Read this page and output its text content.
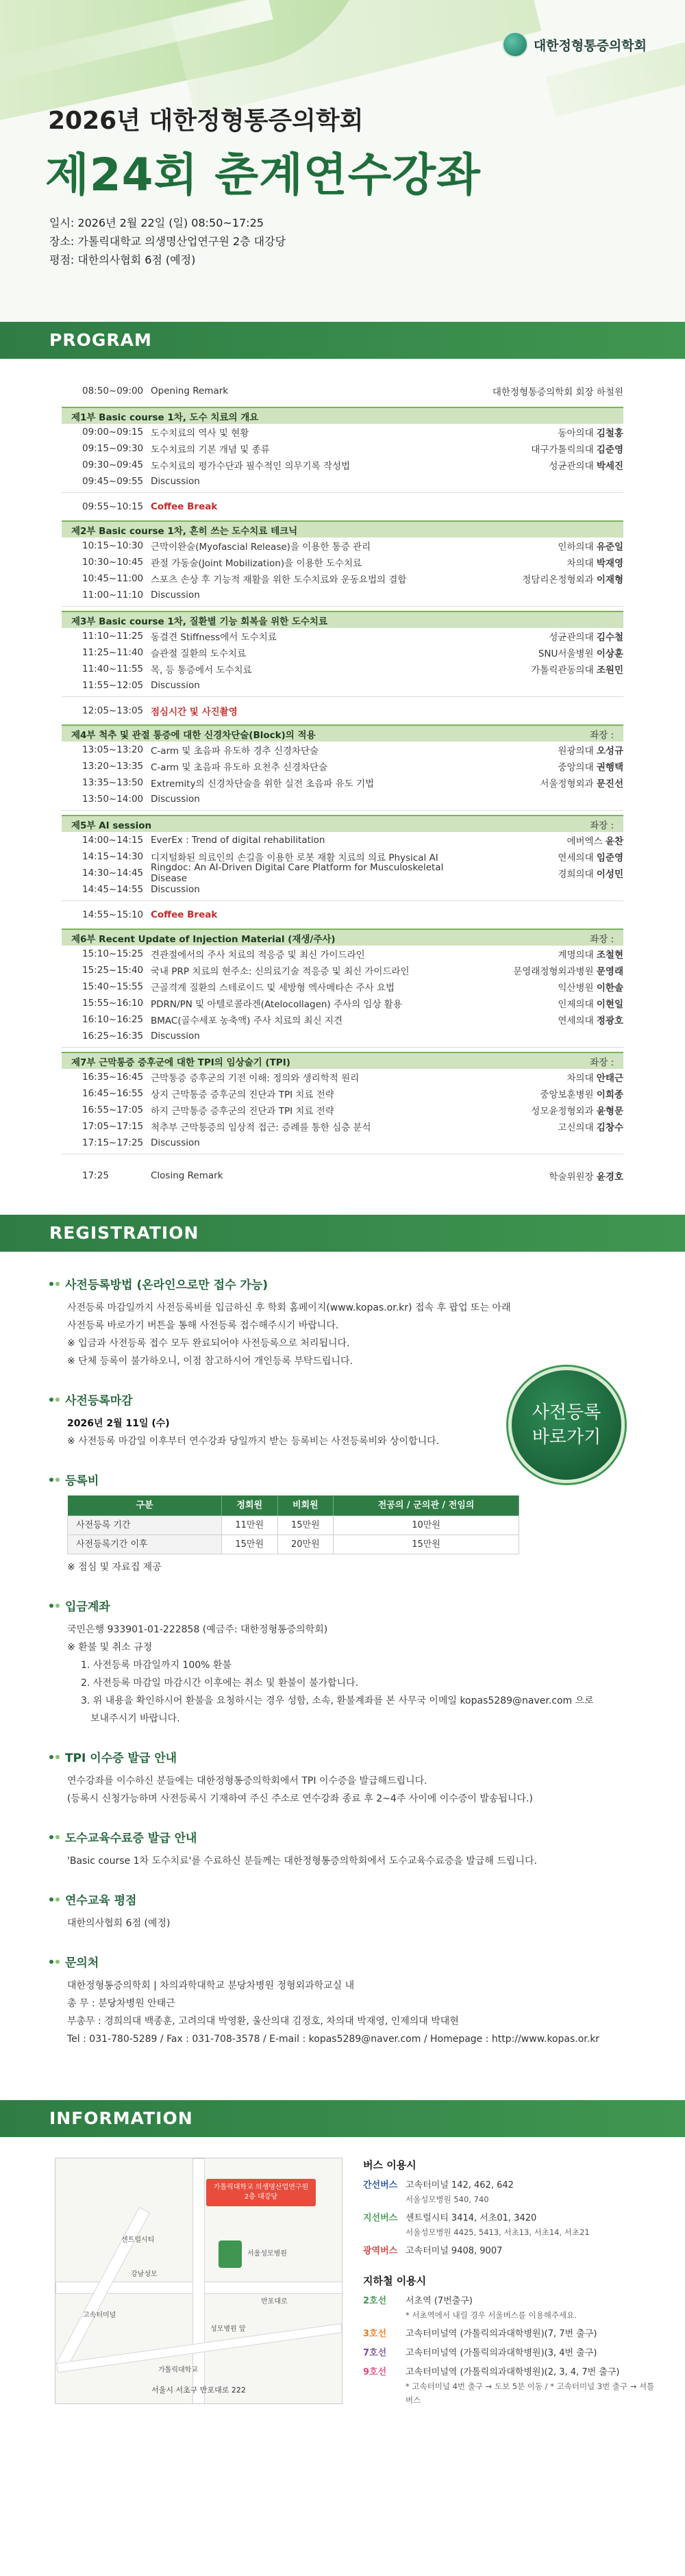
대한정형통증의학회
2026년 대한정형통증의학회
제24회 춘계연수강좌
일시: 2026년 2월 22일 (일) 08:50~17:25
장소: 가톨릭대학교 의생명산업연구원 2층 대강당
평점: 대한의사협회 6점 (예정)
PROGRAM
08:50~09:00 Opening Remark	대한정형통증의학회 회장 하철원
제1부 Basic course 1차, 도수 치료의 개요
09:00~09:15 도수치료의 역사 및 현황	동아의대 김철홍
09:15~09:30 도수치료의 기본 개념 및 종류	대구가톨릭의대 김준영
09:30~09:45 도수치료의 평가수단과 필수적인 의무기록 작성법	성균관의대 박세진
09:45~09:55 Discussion
09:55~10:15 Coffee Break
제2부 Basic course 1차, 흔히 쓰는 도수치료 테크닉
10:15~10:30 근막이완술(Myofascial Release)을 이용한 통증 관리	인하의대 유준일
10:30~10:45 관절 가동술(Joint Mobilization)을 이용한 도수치료	차의대 박재영
10:45~11:00 스포츠 손상 후 기능적 재활을 위한 도수치료와 운동요법의 결합	정담리온정형외과 이재형
11:00~11:10 Discussion
제3부 Basic course 1차, 질환별 기능 회복을 위한 도수치료
11:10~11:25 동결견 Stiffness에서 도수치료	성균관의대 김수철
11:25~11:40 슬관절 질환의 도수치료	SNU서울병원 이상훈
11:40~11:55 목, 등 통증에서 도수치료	가톨릭관동의대 조원민
11:55~12:05 Discussion
12:05~13:05 점심시간 및 사진촬영
제4부 척추 및 관절 통증에 대한 신경차단술(Block)의 적용	좌장 :
13:05~13:20 C-arm 및 초음파 유도하 경추 신경차단술	원광의대 오성규
13:20~13:35 C-arm 및 초음파 유도하 요천추 신경차단술	중앙의대 권행택
13:35~13:50 Extremity의 신경차단술을 위한 실전 초음파 유도 기법	서울정형외과 문진선
13:50~14:00 Discussion
제5부 AI session	좌장 :
14:00~14:15 EverEx : Trend of digital rehabilitation	에버엑스 윤찬
14:15~14:30 디지털화된 의료인의 손길을 이용한 로봇 재활 치료의 의료 Physical AI	연세의대 임준영
14:30~14:45 Ringdoc: An AI-Driven Digital Care Platform for Musculoskeletal Disease	경희의대 이성민
14:45~14:55 Discussion
14:55~15:10 Coffee Break
제6부 Recent Update of Injection Material (재생/주사)	좌장 :
15:10~15:25 견관절에서의 주사 치료의 적응증 및 최신 가이드라인	계명의대 조철현
15:25~15:40 국내 PRP 치료의 현주소: 신의료기술 적응증 및 최신 가이드라인	문영래정형외과병원 문영래
15:40~15:55 근골격계 질환의 스테로이드 및 세방형 엑사메타손 주사 요법	익산병원 이한솔
15:55~16:10 PDRN/PN 및 아텔로콜라겐(Atelocollagen) 주사의 임상 활용	인제의대 이현일
16:10~16:25 BMAC(골수세포 농축액) 주사 치료의 최신 지견	연세의대 정광호
16:25~16:35 Discussion
제7부 근막통증 증후군에 대한 TPI의 임상술기 (TPI)	좌장 :
16:35~16:45 근막통증 증후군의 기전 이해: 정의와 생리학적 원리	차의대 안태근
16:45~16:55 상지 근막통증 증후군의 진단과 TPI 치료 전략	중앙보훈병원 이희종
16:55~17:05 하지 근막통증 증후군의 진단과 TPI 치료 전략	성모윤정형외과 윤형문
17:05~17:15 척추부 근막통증의 임상적 접근: 증례를 통한 심층 분석	고신의대 김창수
17:15~17:25 Discussion
17:25	Closing Remark	학술위원장 윤경호
REGISTRATION
사전등록 바로가기
사전등록방법 (온라인으로만 접수 가능)
사전등록 마감일까지 사전등록비를 입금하신 후 학회 홈페이지(www.kopas.or.kr) 접속 후 팝업 또는 아래
사전등록 바로가기 버튼을 통해 사전등록 접수해주시기 바랍니다.
※ 입금과 사전등록 접수 모두 완료되어야 사전등록으로 처리됩니다.
※ 단체 등록이 불가하오니, 이점 참고하시어 개인등록 부탁드립니다.
사전등록마감
2026년 2월 11일 (수)
※ 사전등록 마감일 이후부터 연수강좌 당일까지 받는 등록비는 사전등록비와 상이합니다.
등록비
구분	정회원	비회원	전공의 / 군의관 / 전임의
사전등록 기간	11만원	15만원	10만원
사전등록기간 이후	15만원	20만원	15만원
※ 점심 및 자료집 제공
입금계좌
국민은행 933901-01-222858 (예금주: 대한정형통증의학회)
※ 환불 및 취소 규정
1. 사전등록 마감일까지 100% 환불
2. 사전등록 마감일 마감시간 이후에는 취소 및 환불이 불가합니다.
3. 위 내용을 확인하시어 환불을 요청하시는 경우 성함, 소속, 환불계좌를 본 사무국 이메일 kopas5289@naver.com 으로
보내주시기 바랍니다.
TPI 이수증 발급 안내
연수강좌를 이수하신 분들에는 대한정형통증의학회에서 TPI 이수증을 발급해드립니다.
(등록시 신청가능하며 사전등록시 기재하여 주신 주소로 연수강좌 종료 후 2~4주 사이에 이수증이 발송됩니다.)
도수교육수료증 발급 안내
'Basic course 1차 도수치료'를 수료하신 분들께는 대한정형통증의학회에서 도수교육수료증을 발급해 드립니다.
연수교육 평점
대한의사협회 6점 (예정)
문의처
대한정형통증의학회 | 차의과학대학교 분당차병원 정형외과학교실 내
총 무 : 분당차병원 안태근
부총무 : 경희의대 백종훈, 고려의대 박영환, 울산의대 김정호, 차의대 박재영, 인제의대 박대현
Tel : 031-780-5289 / Fax : 031-708-3578 / E-mail : kopas5289@naver.com / Homepage : http://www.kopas.or.kr
INFORMATION
가톨릭대학교 의생명산업연구원 2층 대강당
센트럴시티
고속터미널
서울성모병원
반포대로
성모병원 앞
강남성모
가톨릭대학교
서울시 서초구 반포대로 222
버스 이용시
간선버스 고속터미널 142, 462, 642
서울성모병원 540, 740
지선버스 센트럴시티 3414, 서초01, 3420
서울성모병원 4425, 5413, 서초13, 서초14, 서초21
광역버스 고속터미널 9408, 9007
지하철 이용시
2호선	서초역 (7번출구)
* 서초역에서 내릴 경우 서울버스를 이용해주세요.
3호선	고속터미널역 (가톨릭의과대학병원)(7, 7번 출구)
7호선	고속터미널역 (가톨릭의과대학병원)(3, 4번 출구)
9호선	고속터미널역 (가톨릭의과대학병원)(2, 3, 4, 7번 출구)
* 고속터미널 4번 출구 → 도보 5분 이동 / * 고속터미널 3번 출구 → 셔틀버스
